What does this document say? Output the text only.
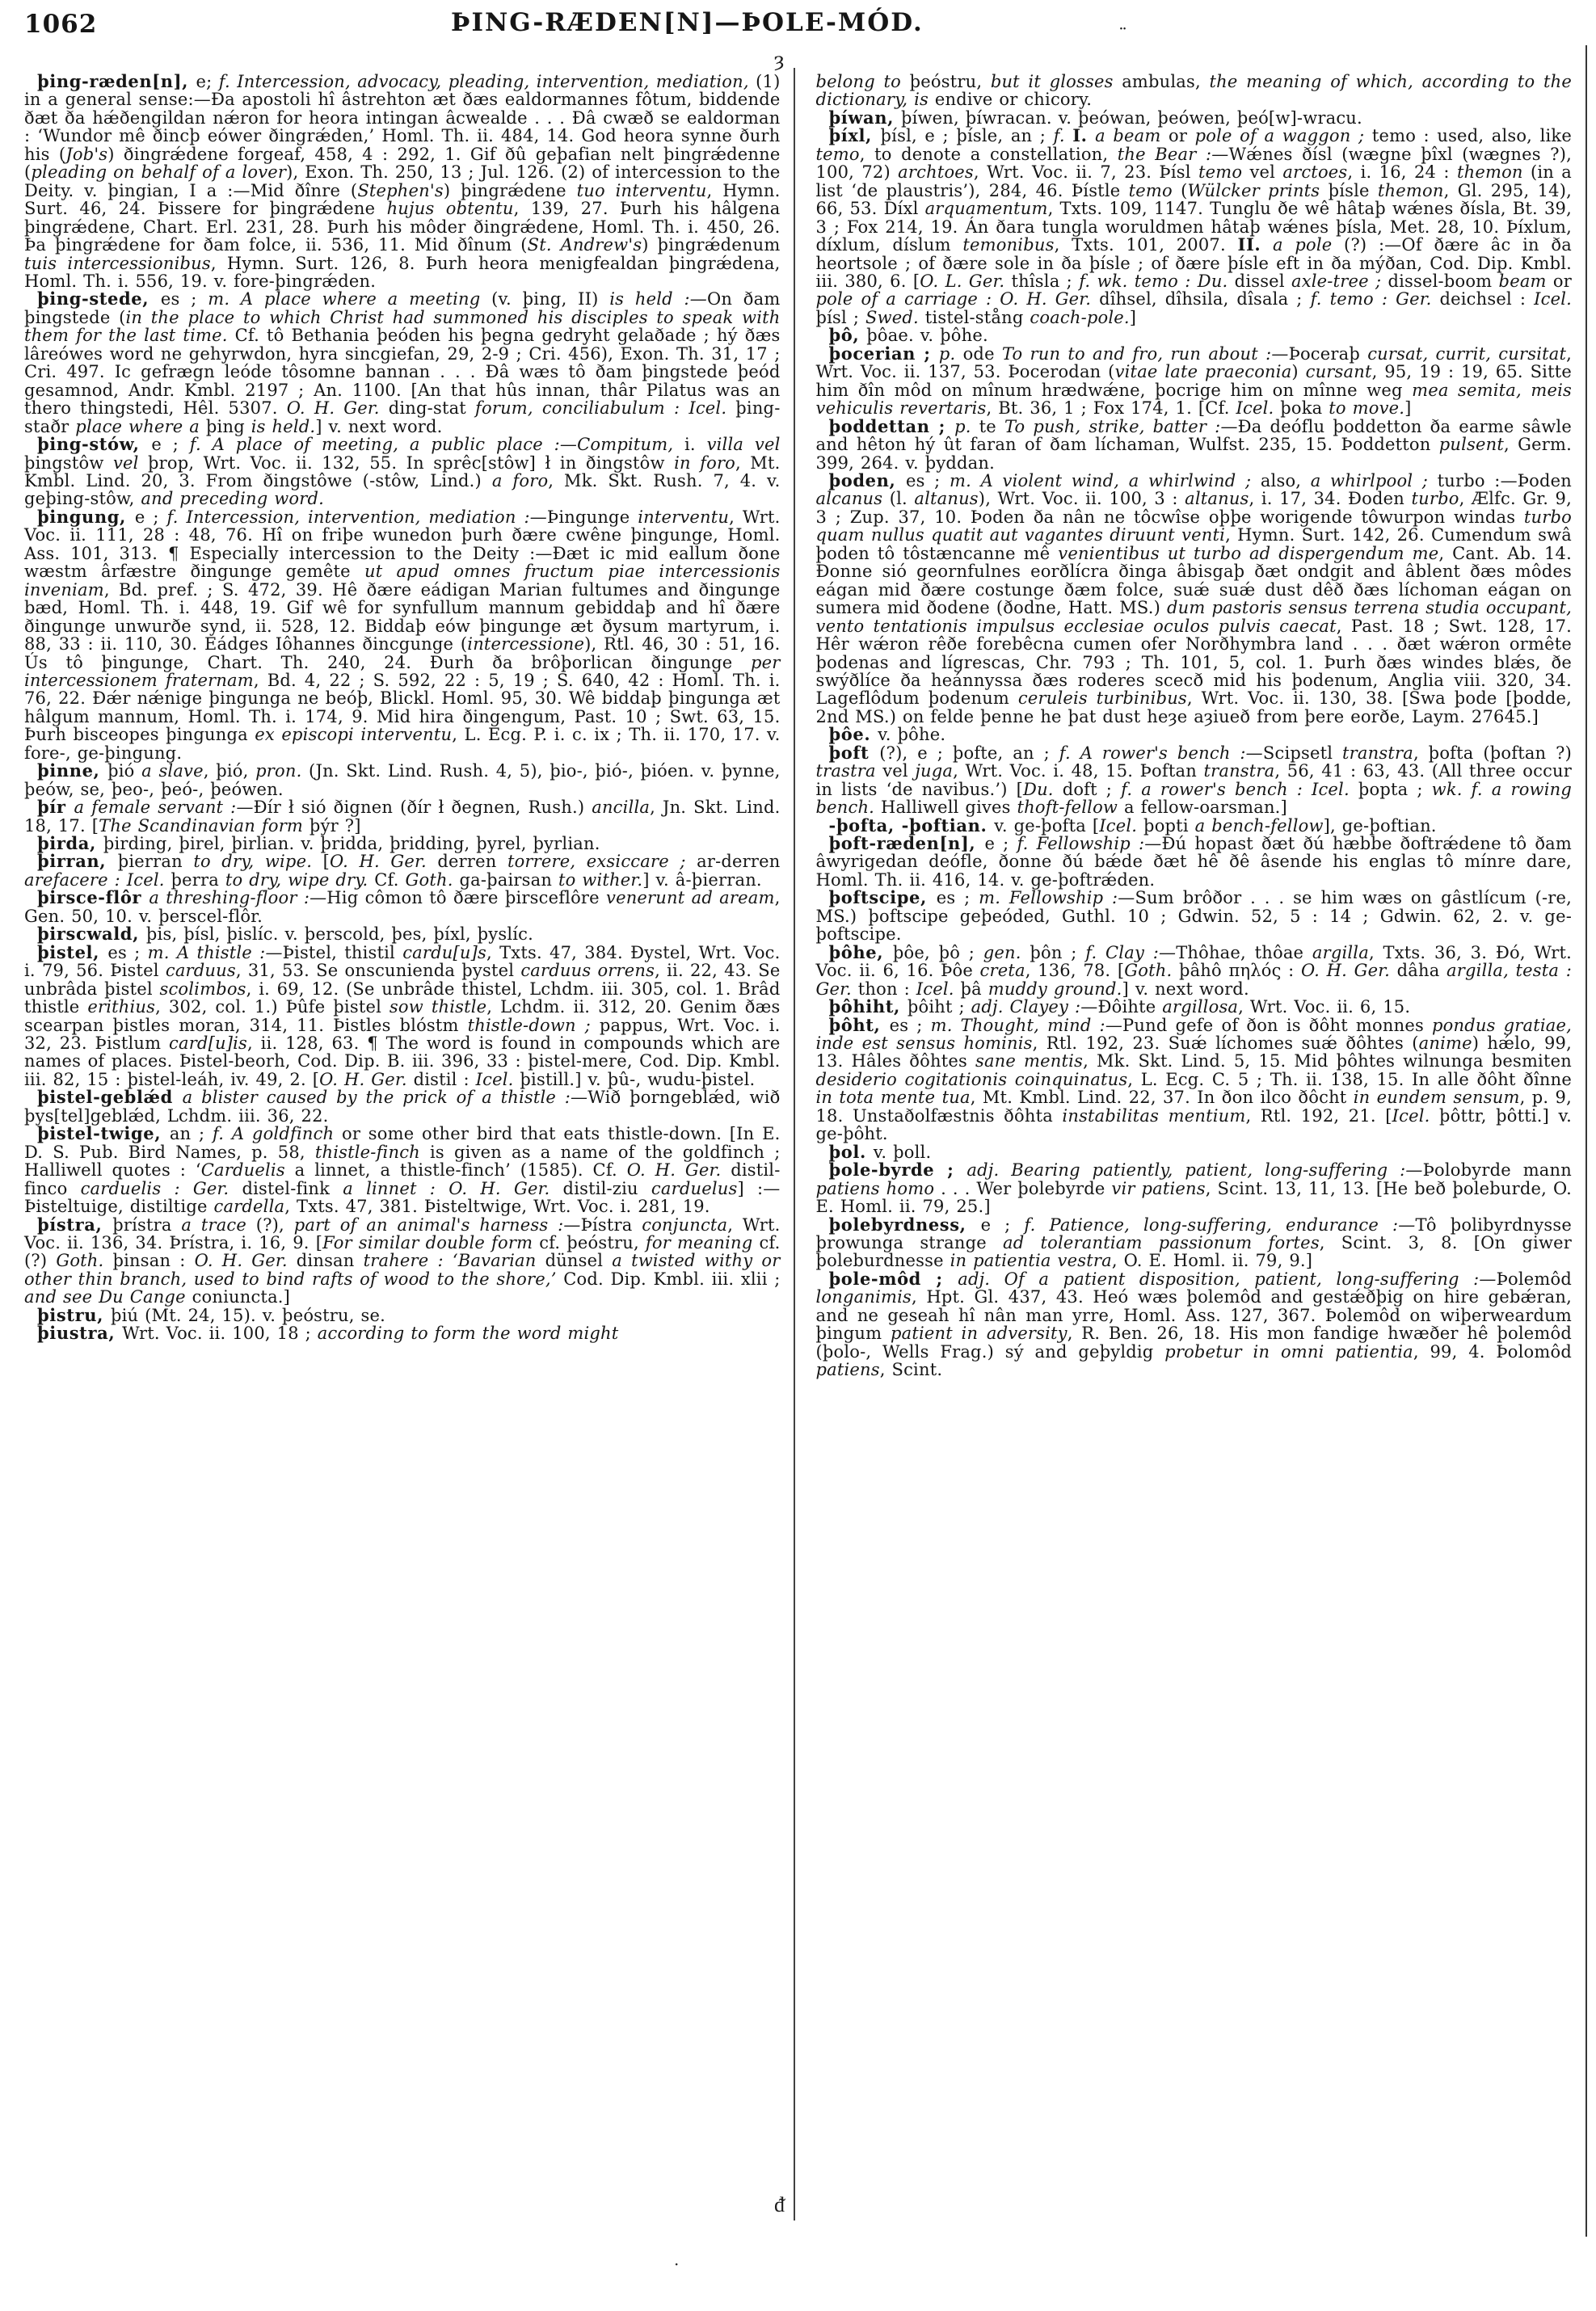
1062	ÞING-RÆDEN[N]—ÞOLE-MÓD.

þing-ræden[n], e; f. Intercession, advocacy, pleading, intervention, mediation, (1) in a general sense:—Ða apostoli hî âstrehton æt ðæs ealdormannes fôtum, biddende ðæt ða hǽðengildan nǽron for heora intingan âcwealde . . . Ðâ cwæð se ealdorman : ‘Wundor mê ðincþ eówer ðingrǽden,’ Homl. Th. ii. 484, 14. God heora synne ðurh his (Job's) ðingrǽdene forgeaf, 458, 4 : 292, 1. Gif ðû geþafian nelt þingrǽdenne (pleading on behalf of a lover), Exon. Th. 250, 13 ; Jul. 126. (2) of intercession to the Deity. v. þingian, I a :—Mid ðînre (Stephen's) þingrǽdene tuo interventu, Hymn. Surt. 46, 24. Þissere for þingrǽdene hujus obtentu, 139, 27. Þurh his hâlgena þingrǽdene, Chart. Erl. 231, 28. Þurh his môder ðingrǽdene, Homl. Th. i. 450, 26. Þa þingrǽdene for ðam folce, ii. 536, 11. Mid ðînum (St. Andrew's) þingrǽdenum tuis intercessionibus, Hymn. Surt. 126, 8. Þurh heora menigfealdan þingrǽdena, Homl. Th. i. 556, 19. v. fore-þingrǽden.

þing-stede, es ; m. A place where a meeting (v. þing, II) is held :—On ðam þingstede (in the place to which Christ had summoned his disciples to speak with them for the last time. Cf. tô Bethania þeóden his þegna gedryht gelaðade ; hý ðæs lâreówes word ne gehyrwdon, hyra sincgiefan, 29, 2-9 ; Cri. 456), Exon. Th. 31, 17 ; Cri. 497. Ic gefrægn leóde tôsomne bannan . . . Ðâ wæs tô ðam þingstede þeód gesamnod, Andr. Kmbl. 2197 ; An. 1100. [An that hûs innan, thâr Pilatus was an thero thingstedi, Hêl. 5307. O. H. Ger. ding-stat forum, conciliabulum : Icel. þing-staðr place where a þing is held.] v. next word.

þing-stów, e ; f. A place of meeting, a public place :—Compitum, i. villa vel þingstôw vel þrop, Wrt. Voc. ii. 132, 55. In sprêc[stôw] ł in ðingstôw in foro, Mt. Kmbl. Lind. 20, 3. From ðingstôwe (-stôw, Lind.) a foro, Mk. Skt. Rush. 7, 4. v. geþing-stôw, and preceding word.

þingung, e ; f. Intercession, intervention, mediation :—Þingunge interventu, Wrt. Voc. ii. 111, 28 : 48, 76. Hî on friþe wunedon þurh ðære cwêne þingunge, Homl. Ass. 101, 313. ¶ Especially intercession to the Deity :—Ðæt ic mid eallum ðone wæstm ârfæstre ðingunge gemête ut apud omnes fructum piae intercessionis inveniam, Bd. pref. ; S. 472, 39. Hê ðære eádigan Marian fultumes and ðingunge bæd, Homl. Th. i. 448, 19. Gif wê for synfullum mannum gebiddaþ and hî ðære ðingunge unwurðe synd, ii. 528, 12. Biddaþ eów þingunge æt ðysum martyrum, i. 88, 33 : ii. 110, 30. Eádges Iôhannes ðincgunge (intercessione), Rtl. 46, 30 : 51, 16. Ús tô þingunge, Chart. Th. 240, 24. Ðurh ða brôþorlican ðingunge per intercessionem fraternam, Bd. 4, 22 ; S. 592, 22 : 5, 19 ; S. 640, 42 : Homl. Th. i. 76, 22. Ðǽr nǽnige þingunga ne beóþ, Blickl. Homl. 95, 30. Wê biddaþ þingunga æt hâlgum mannum, Homl. Th. i. 174, 9. Mid hira ðingengum, Past. 10 ; Swt. 63, 15. Þurh bisceopes þingunga ex episcopi interventu, L. Ecg. P. i. c. ix ; Th. ii. 170, 17. v. fore-, ge-þingung.

þinne, þió a slave, þió, pron. (Jn. Skt. Lind. Rush. 4, 5), þio-, þió-, þióen. v. þynne, þeów, se, þeo-, þeó-, þeówen.

þír a female servant :—Ðír ł sió ðignen (ðír ł ðegnen, Rush.) ancilla, Jn. Skt. Lind. 18, 17. [The Scandinavian form þýr ?]

þirda, þirding, þirel, þirlian. v. þridda, þridding, þyrel, þyrlian.

þirran, þierran to dry, wipe. [O. H. Ger. derren torrere, exsiccare ; ar-derren arefacere : Icel. þerra to dry, wipe dry. Cf. Goth. ga-þairsan to wither.] v. â-þierran.

þirsce-flôr a threshing-floor :—Hig cômon tô ðære þirsceflôre venerunt ad aream, Gen. 50, 10. v. þerscel-flôr.

þirscwald, þis, þísl, þislíc. v. þerscold, þes, þíxl, þyslíc.

þistel, es ; m. A thistle :—Þistel, thistil cardu[u]s, Txts. 47, 384. Ðystel, Wrt. Voc. i. 79, 56. Þistel carduus, 31, 53. Se onscunienda þystel carduus orrens, ii. 22, 43. Se unbrâda þistel scolimbos, i. 69, 12. (Se unbrâde thistel, Lchdm. iii. 305, col. 1. Brâd thistle erithius, 302, col. 1.) Þûfe þistel sow thistle, Lchdm. ii. 312, 20. Genim ðæs scearpan þistles moran, 314, 11. Þistles blóstm thistle-down ; pappus, Wrt. Voc. i. 32, 23. Þistlum card[u]is, ii. 128, 63. ¶ The word is found in compounds which are names of places. Þistel-beorh, Cod. Dip. B. iii. 396, 33 : þistel-mere, Cod. Dip. Kmbl. iii. 82, 15 : þistel-leáh, iv. 49, 2. [O. H. Ger. distil : Icel. þistill.] v. þû-, wudu-þistel.

þistel-geblǽd a blister caused by the prick of a thistle :—Wið þorngeblǽd, wið þys[tel]geblǽd, Lchdm. iii. 36, 22.

þistel-twige, an ; f. A goldfinch or some other bird that eats thistle-down. [In E. D. S. Pub. Bird Names, p. 58, thistle-finch is given as a name of the goldfinch ; Halliwell quotes : ‘Carduelis a linnet, a thistle-finch’ (1585). Cf. O. H. Ger. distil-finco carduelis : Ger. distel-fink a linnet : O. H. Ger. distil-ziu carduelus] :—Þisteltuige, distiltige cardella, Txts. 47, 381. Þisteltwige, Wrt. Voc. i. 281, 19.

þístra, þrístra a trace (?), part of an animal's harness :—Þístra conjuncta, Wrt. Voc. ii. 136, 34. Þrístra, i. 16, 9. [For similar double form cf. þeóstru, for meaning cf. (?) Goth. þinsan : O. H. Ger. dinsan trahere : ‘Bavarian dünsel a twisted withy or other thin branch, used to bind rafts of wood to the shore,’ Cod. Dip. Kmbl. iii. xlii ; and see Du Cange coniuncta.]

þistru, þiú (Mt. 24, 15). v. þeóstru, se.

þiustra, Wrt. Voc. ii. 100, 18 ; according to form the word might

belong to þeóstru, but it glosses ambulas, the meaning of which, according to the dictionary, is endive or chicory.

þíwan, þíwen, þíwracan. v. þeówan, þeówen, þeó[w]-wracu.

þíxl, þísl, e ; þísle, an ; f. I. a beam or pole of a waggon ; temo : used, also, like temo, to denote a constellation, the Bear :—Wǽnes ðísl (wægne þîxl (wægnes ?), 100, 72) archtoes, Wrt. Voc. ii. 7, 23. Þísl temo vel arctoes, i. 16, 24 : themon (in a list ‘de plaustris’), 284, 46. Þístle temo (Wülcker prints þísle themon, Gl. 295, 14), 66, 53. Díxl arquamentum, Txts. 109, 1147. Tunglu ðe wê hâtaþ wǽnes ðísla, Bt. 39, 3 ; Fox 214, 19. Án ðara tungla woruldmen hâtaþ wǽnes þísla, Met. 28, 10. Þíxlum, díxlum, díslum temonibus, Txts. 101, 2007. II. a pole (?) :—Of ðære âc in ða heortsole ; of ðære sole in ða þísle ; of ðære þísle eft in ða mýðan, Cod. Dip. Kmbl. iii. 380, 6. [O. L. Ger. thîsla ; f. wk. temo : Du. dissel axle-tree ; dissel-boom beam or pole of a carriage : O. H. Ger. dîhsel, dîhsila, dîsala ; f. temo : Ger. deichsel : Icel. þísl ; Swed. tistel-stång coach-pole.]

þô, þôae. v. þôhe.

þocerian ; p. ode To run to and fro, run about :—Þoceraþ cursat, currit, cursitat, Wrt. Voc. ii. 137, 53. Þocerodan (vitae late praeconia) cursant, 95, 19 : 19, 65. Sitte him ðîn môd on mînum hrædwǽne, þocrige him on mînne weg mea semita, meis vehiculis revertaris, Bt. 36, 1 ; Fox 174, 1. [Cf. Icel. þoka to move.]

þoddettan ; p. te To push, strike, batter :—Ða deóflu þoddetton ða earme sâwle and hêton hý ût faran of ðam líchaman, Wulfst. 235, 15. Þoddetton pulsent, Germ. 399, 264. v. þyddan.

þoden, es ; m. A violent wind, a whirlwind ; also, a whirlpool ; turbo :—Þoden alcanus (l. altanus), Wrt. Voc. ii. 100, 3 : altanus, i. 17, 34. Ðoden turbo, Ælfc. Gr. 9, 3 ; Zup. 37, 10. Þoden ða nân ne tôcwîse oþþe worigende tôwurpon windas turbo quam nullus quatit aut vagantes diruunt venti, Hymn. Surt. 142, 26. Cumendum swâ þoden tô tôstæncanne mê venientibus ut turbo ad dispergendum me, Cant. Ab. 14. Ðonne sió geornfulnes eorðlícra ðinga âbisgaþ ðæt ondgit and âblent ðæs môdes eágan mid ðære costunge ðæm folce, suǽ suǽ dust dêð ðæs líchoman eágan on sumera mid ðodene (ðodne, Hatt. MS.) dum pastoris sensus terrena studia occupant, vento tentationis impulsus ecclesiae oculos pulvis caecat, Past. 18 ; Swt. 128, 17. Hêr wǽron rêðe forebêcna cumen ofer Norðhymbra land . . . ðæt wǽron ormête þodenas and lígrescas, Chr. 793 ; Th. 101, 5, col. 1. Þurh ðæs windes blǽs, ðe swýðlíce ða heánnyssa ðæs roderes scecð mid his þodenum, Anglia viii. 320, 34. Lageflôdum þodenum ceruleis turbinibus, Wrt. Voc. ii. 130, 38. [Swa þode [þodde, 2nd MS.) on felde þenne he þat dust heȝe aȝiueð from þere eorðe, Laym. 27645.]

þôe. v. þôhe.

þoft (?), e ; þofte, an ; f. A rower's bench :—Scipsetl transtra, þofta (þoftan ?) trastra vel juga, Wrt. Voc. i. 48, 15. Þoftan transtra, 56, 41 : 63, 43. (All three occur in lists ‘de navibus.’) [Du. doft ; f. a rower's bench : Icel. þopta ; wk. f. a rowing bench. Halliwell gives thoft-fellow a fellow-oarsman.]

-þofta, -þoftian. v. ge-þofta [Icel. þopti a bench-fellow], ge-þoftian.

þoft-ræden[n], e ; f. Fellowship :—Ðú hopast ðæt ðú hæbbe ðoftrǽdene tô ðam âwyrigedan deófle, ðonne ðú bǽde ðæt hê ðê âsende his englas tô mínre dare, Homl. Th. ii. 416, 14. v. ge-þoftrǽden.

þoftscipe, es ; m. Fellowship :—Sum brôðor . . . se him wæs on gâstlícum (-re, MS.) þoftscipe geþeóded, Guthl. 10 ; Gdwin. 52, 5 : 14 ; Gdwin. 62, 2. v. ge-þoftscipe.

þôhe, þôe, þô ; gen. þôn ; f. Clay :—Thôhae, thôae argilla, Txts. 36, 3. Ðó, Wrt. Voc. ii. 6, 16. Þôe creta, 136, 78. [Goth. þâhô πηλός : O. H. Ger. dâha argilla, testa : Ger. thon : Icel. þâ muddy ground.] v. next word.

þôhiht, þôiht ; adj. Clayey :—Ðôihte argillosa, Wrt. Voc. ii. 6, 15.

þôht, es ; m. Thought, mind :—Pund gefe of ðon is ðôht monnes pondus gratiae, inde est sensus hominis, Rtl. 192, 23. Suǽ líchomes suǽ ðôhtes (anime) hǽlo, 99, 13. Hâles ðôhtes sane mentis, Mk. Skt. Lind. 5, 15. Mid þôhtes wilnunga besmiten desiderio cogitationis coinquinatus, L. Ecg. C. 5 ; Th. ii. 138, 15. In alle ðôht ðînne in tota mente tua, Mt. Kmbl. Lind. 22, 37. In ðon ilco ðôcht in eundem sensum, p. 9, 18. Unstaðolfæstnis ðôhta instabilitas mentium, Rtl. 192, 21. [Icel. þôttr, þôtti.] v. ge-þôht.

þol. v. þoll.

þole-byrde ; adj. Bearing patiently, patient, long-suffering :—Þolobyrde mann patiens homo . . . Wer þolebyrde vir patiens, Scint. 13, 11, 13. [He beð þoleburde, O. E. Homl. ii. 79, 25.]

þolebyrdness, e ; f. Patience, long-suffering, endurance :—Tô þolibyrdnysse þrowunga strange ad tolerantiam passionum fortes, Scint. 3, 8. [On giwer þoleburdnesse in patientia vestra, O. E. Homl. ii. 79, 9.]

þole-môd ; adj. Of a patient disposition, patient, long-suffering :—Þolemôd longanimis, Hpt. Gl. 437, 43. Heó wæs þolemôd and gestǽðþig on hire gebǽran, and ne geseah hî nân man yrre, Homl. Ass. 127, 367. Þolemôd on wiþerweardum þingum patient in adversity, R. Ben. 26, 18. His mon fandige hwæðer hê þolemôd (þolo-, Wells Frag.) sý and geþyldig probetur in omni patientia, 99, 4. Þolomôd patiens, Scint.

ȝ
¨
ᵭ
·
